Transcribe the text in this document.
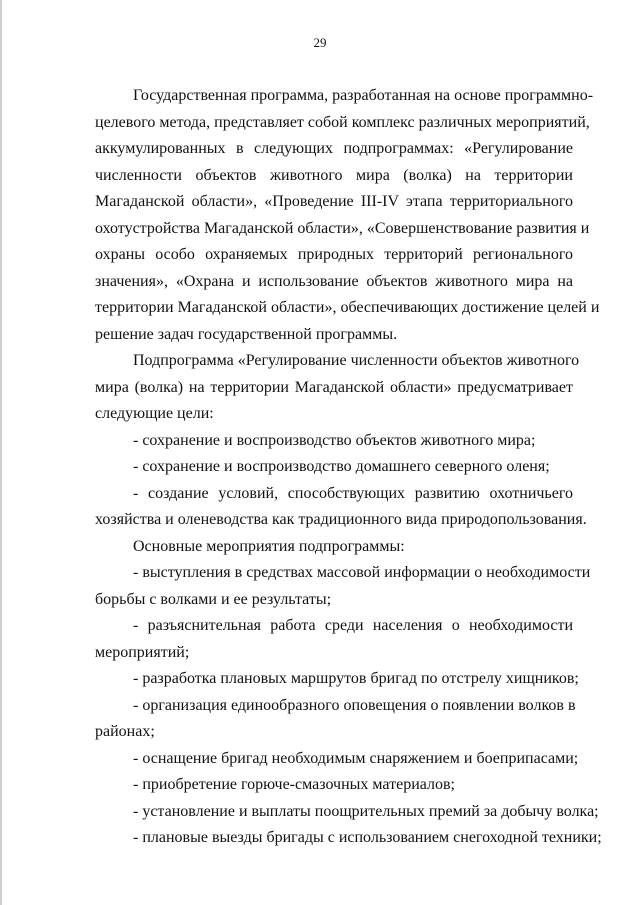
29
Государственная программа, разработанная на основе программно-
целевого метода, представляет собой комплекс различных мероприятий,
аккумулированных в следующих подпрограммах: «Регулирование
численности объектов животного мира (волка) на территории
Магаданской области», «Проведение III-IV этапа территориального
охотустройства Магаданской области», «Совершенствование развития и
охраны особо охраняемых природных территорий регионального
значения», «Охрана и использование объектов животного мира на
территории Магаданской области», обеспечивающих достижение целей и
решение задач государственной программы.
Подпрограмма «Регулирование численности объектов животного
мира (волка) на территории Магаданской области» предусматривает
следующие цели:
- сохранение и воспроизводство объектов животного мира;
- сохранение и воспроизводство домашнего северного оленя;
- создание условий, способствующих развитию охотничьего
хозяйства и оленеводства как традиционного вида природопользования.
Основные мероприятия подпрограммы:
- выступления в средствах массовой информации о необходимости
борьбы с волками и ее результаты;
- разъяснительная работа среди населения о необходимости
мероприятий;
- разработка плановых маршрутов бригад по отстрелу хищников;
- организация единообразного оповещения о появлении волков в
районах;
- оснащение бригад необходимым снаряжением и боеприпасами;
- приобретение горюче-смазочных материалов;
- установление и выплаты поощрительных премий за добычу волка;
- плановые выезды бригады с использованием снегоходной техники;
